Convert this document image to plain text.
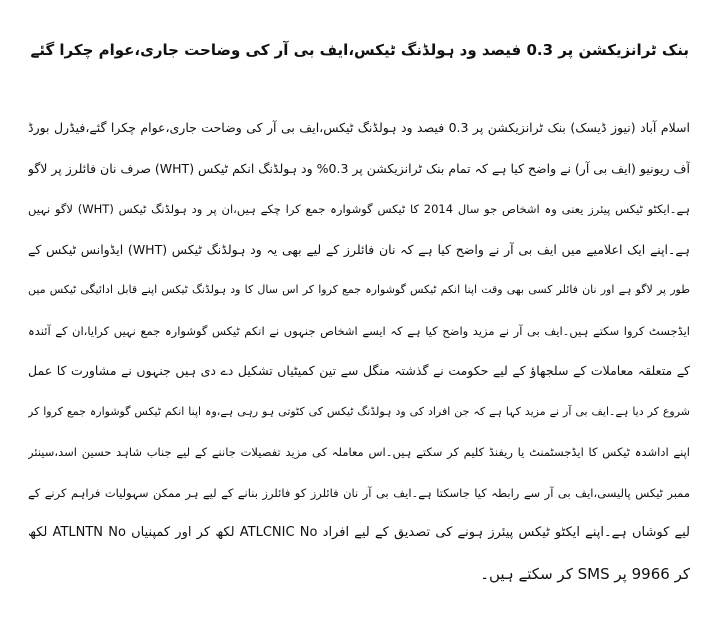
بنک ٹرانزیکشن پر 0.3 فیصد ود ہولڈنگ ٹیکس،ایف بی آر کی وضاحت جاری،عوام چکرا گئے
اسلام آباد (نیوز ڈیسک) بنک ٹرانزیکشن پر 0.3 فیصد ود ہولڈنگ ٹیکس،ایف بی آر کی وضاحت جاری،عوام چکرا گئے،فیڈرل بورڈ
آف ریونیو (ایف بی آر) نے واضح کیا ہے کہ تمام بنک ٹرانزیکشن پر 0.3% ود ہولڈنگ انکم ٹیکس (WHT) صرف نان فائلرز پر لاگو
ہے۔ایکٹو ٹیکس پیئرز یعنی وہ اشخاص جو سال 2014 کا ٹیکس گوشوارہ جمع کرا چکے ہیں،ان پر ود ہولڈنگ ٹیکس (WHT) لاگو نہیں
ہے۔اپنے ایک اعلامیے میں ایف بی آر نے واضح کیا ہے کہ نان فائلرز کے لیے بھی یہ ود ہولڈنگ ٹیکس (WHT) ایڈوانس ٹیکس کے
طور پر لاگو ہے اور نان فائلر کسی بھی وقت اپنا انکم ٹیکس گوشوارہ جمع کروا کر اس سال کا ود ہولڈنگ ٹیکس اپنے قابل ادائیگی ٹیکس میں
ایڈجسٹ کروا سکتے ہیں۔ایف بی آر نے مزید واضح کیا ہے کہ ایسے اشخاص جنہوں نے انکم ٹیکس گوشوارہ جمع نہیں کرایا،ان کے آئندہ
کے متعلقہ معاملات کے سلجھاؤ کے لیے حکومت نے گذشتہ منگل سے تین کمیٹیاں تشکیل دے دی ہیں جنہوں نے مشاورت کا عمل
شروع کر دیا ہے۔ایف بی آر نے مزید کہا ہے کہ جن افراد کی ود ہولڈنگ ٹیکس کی کٹوتی ہو رہی ہے،وہ اپنا انکم ٹیکس گوشوارہ جمع کروا کر
اپنے اداشدہ ٹیکس کا ایڈجسٹمنٹ یا ریفنڈ کلیم کر سکتے ہیں۔اس معاملہ کی مزید تفصیلات جاننے کے لیے جناب شاہد حسین اسد،سینئر
ممبر ٹیکس پالیسی،ایف بی آر سے رابطہ کیا جاسکتا ہے۔ایف بی آر نان فائلرز کو فائلرز بنانے کے لیے ہر ممکن سہولیات فراہم کرنے کے
لیے کوشاں ہے۔اپنے ایکٹو ٹیکس پیئرز ہونے کی تصدیق کے لیے افراد ATLCNIC No لکھ کر اور کمپنیاں ATLNTN No لکھ
کر 9966 پر SMS کر سکتے ہیں۔
